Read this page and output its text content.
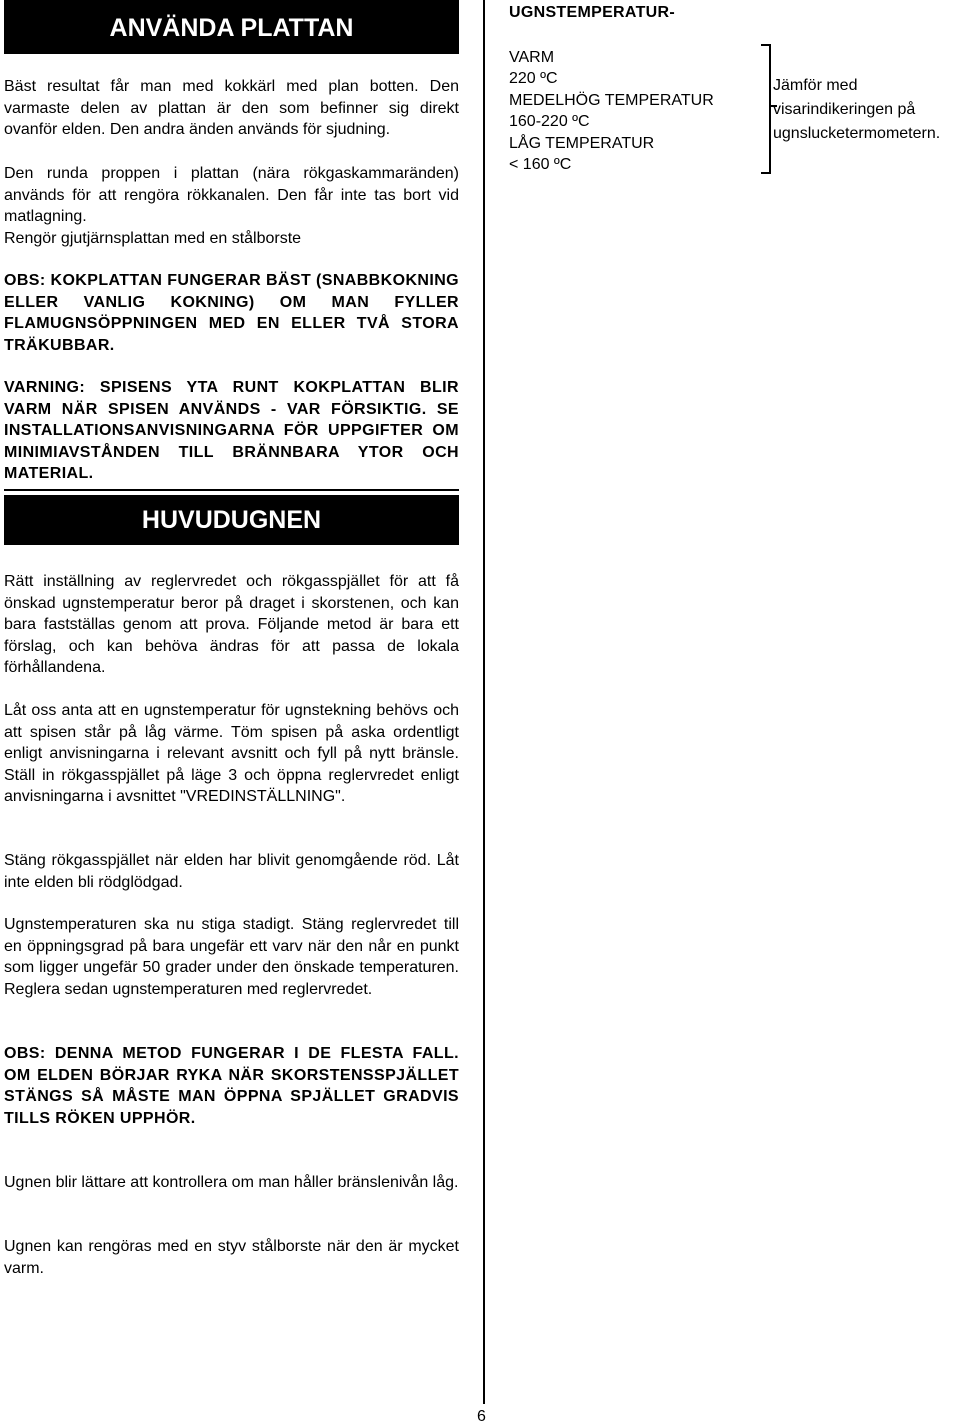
ANVÄNDA PLATTAN

Bäst resultat får man med kokkärl med plan botten. Den varmaste delen av plattan är den som befinner sig direkt ovanför elden. Den andra änden används för sjudning.

Den runda proppen i plattan (nära rökgaskammaränden) används för att rengöra rökkanalen. Den får inte tas bort vid matlagning.

Rengör gjutjärnsplattan med en stålborste

OBS: KOKPLATTAN FUNGERAR BÄST (SNABBKOKNING ELLER VANLIG KOKNING) OM MAN FYLLER FLAMUGNSÖPPNINGEN MED EN ELLER TVÅ STORA TRÄKUBBAR.

VARNING: SPISENS YTA RUNT KOKPLATTAN BLIR VARM NÄR SPISEN ANVÄNDS - VAR FÖRSIKTIG. SE INSTALLATIONSANVISNINGARNA FÖR UPPGIFTER OM MINIMIAVSTÅNDEN TILL BRÄNNBARA YTOR OCH MATERIAL.

HUVUDUGNEN

Rätt inställning av reglervredet och rökgasspjället för att få önskad ugnstemperatur beror på draget i skorstenen, och kan bara fastställas genom att prova. Följande metod är bara ett förslag, och kan behöva ändras för att passa de lokala förhållandena.

Låt oss anta att en ugnstemperatur för ugnstekning behövs och att spisen står på låg värme. Töm spisen på aska ordentligt enligt anvisningarna i relevant avsnitt och fyll på nytt bränsle. Ställ in rökgasspjället på läge 3 och öppna reglervredet enligt anvisningarna i avsnittet "VREDINSTÄLLNING".

Stäng rökgasspjället när elden har blivit genomgående röd. Låt inte elden bli rödglödgad.

Ugnstemperaturen ska nu stiga stadigt. Stäng reglervredet till en öppningsgrad på bara ungefär ett varv när den når en punkt som ligger ungefär 50 grader under den önskade temperaturen. Reglera sedan ugnstemperaturen med reglervredet.

OBS: DENNA METOD FUNGERAR I DE FLESTA FALL. OM ELDEN BÖRJAR RYKA NÄR SKORSTENSSPJÄLLET STÄNGS SÅ MÅSTE MAN ÖPPNA SPJÄLLET GRADVIS TILLS RÖKEN UPPHÖR.

Ugnen blir lättare att kontrollera om man håller bränslenivån låg.

Ugnen kan rengöras med en styv stålborste när den är mycket varm.

UGNSTEMPERATUR-
VARM
220 ºC
MEDELHÖG TEMPERATUR
160-220 ºC
LÅG TEMPERATUR
< 160 ºC
Jämför med visarindikeringen på ugnslucketermometern.
6
